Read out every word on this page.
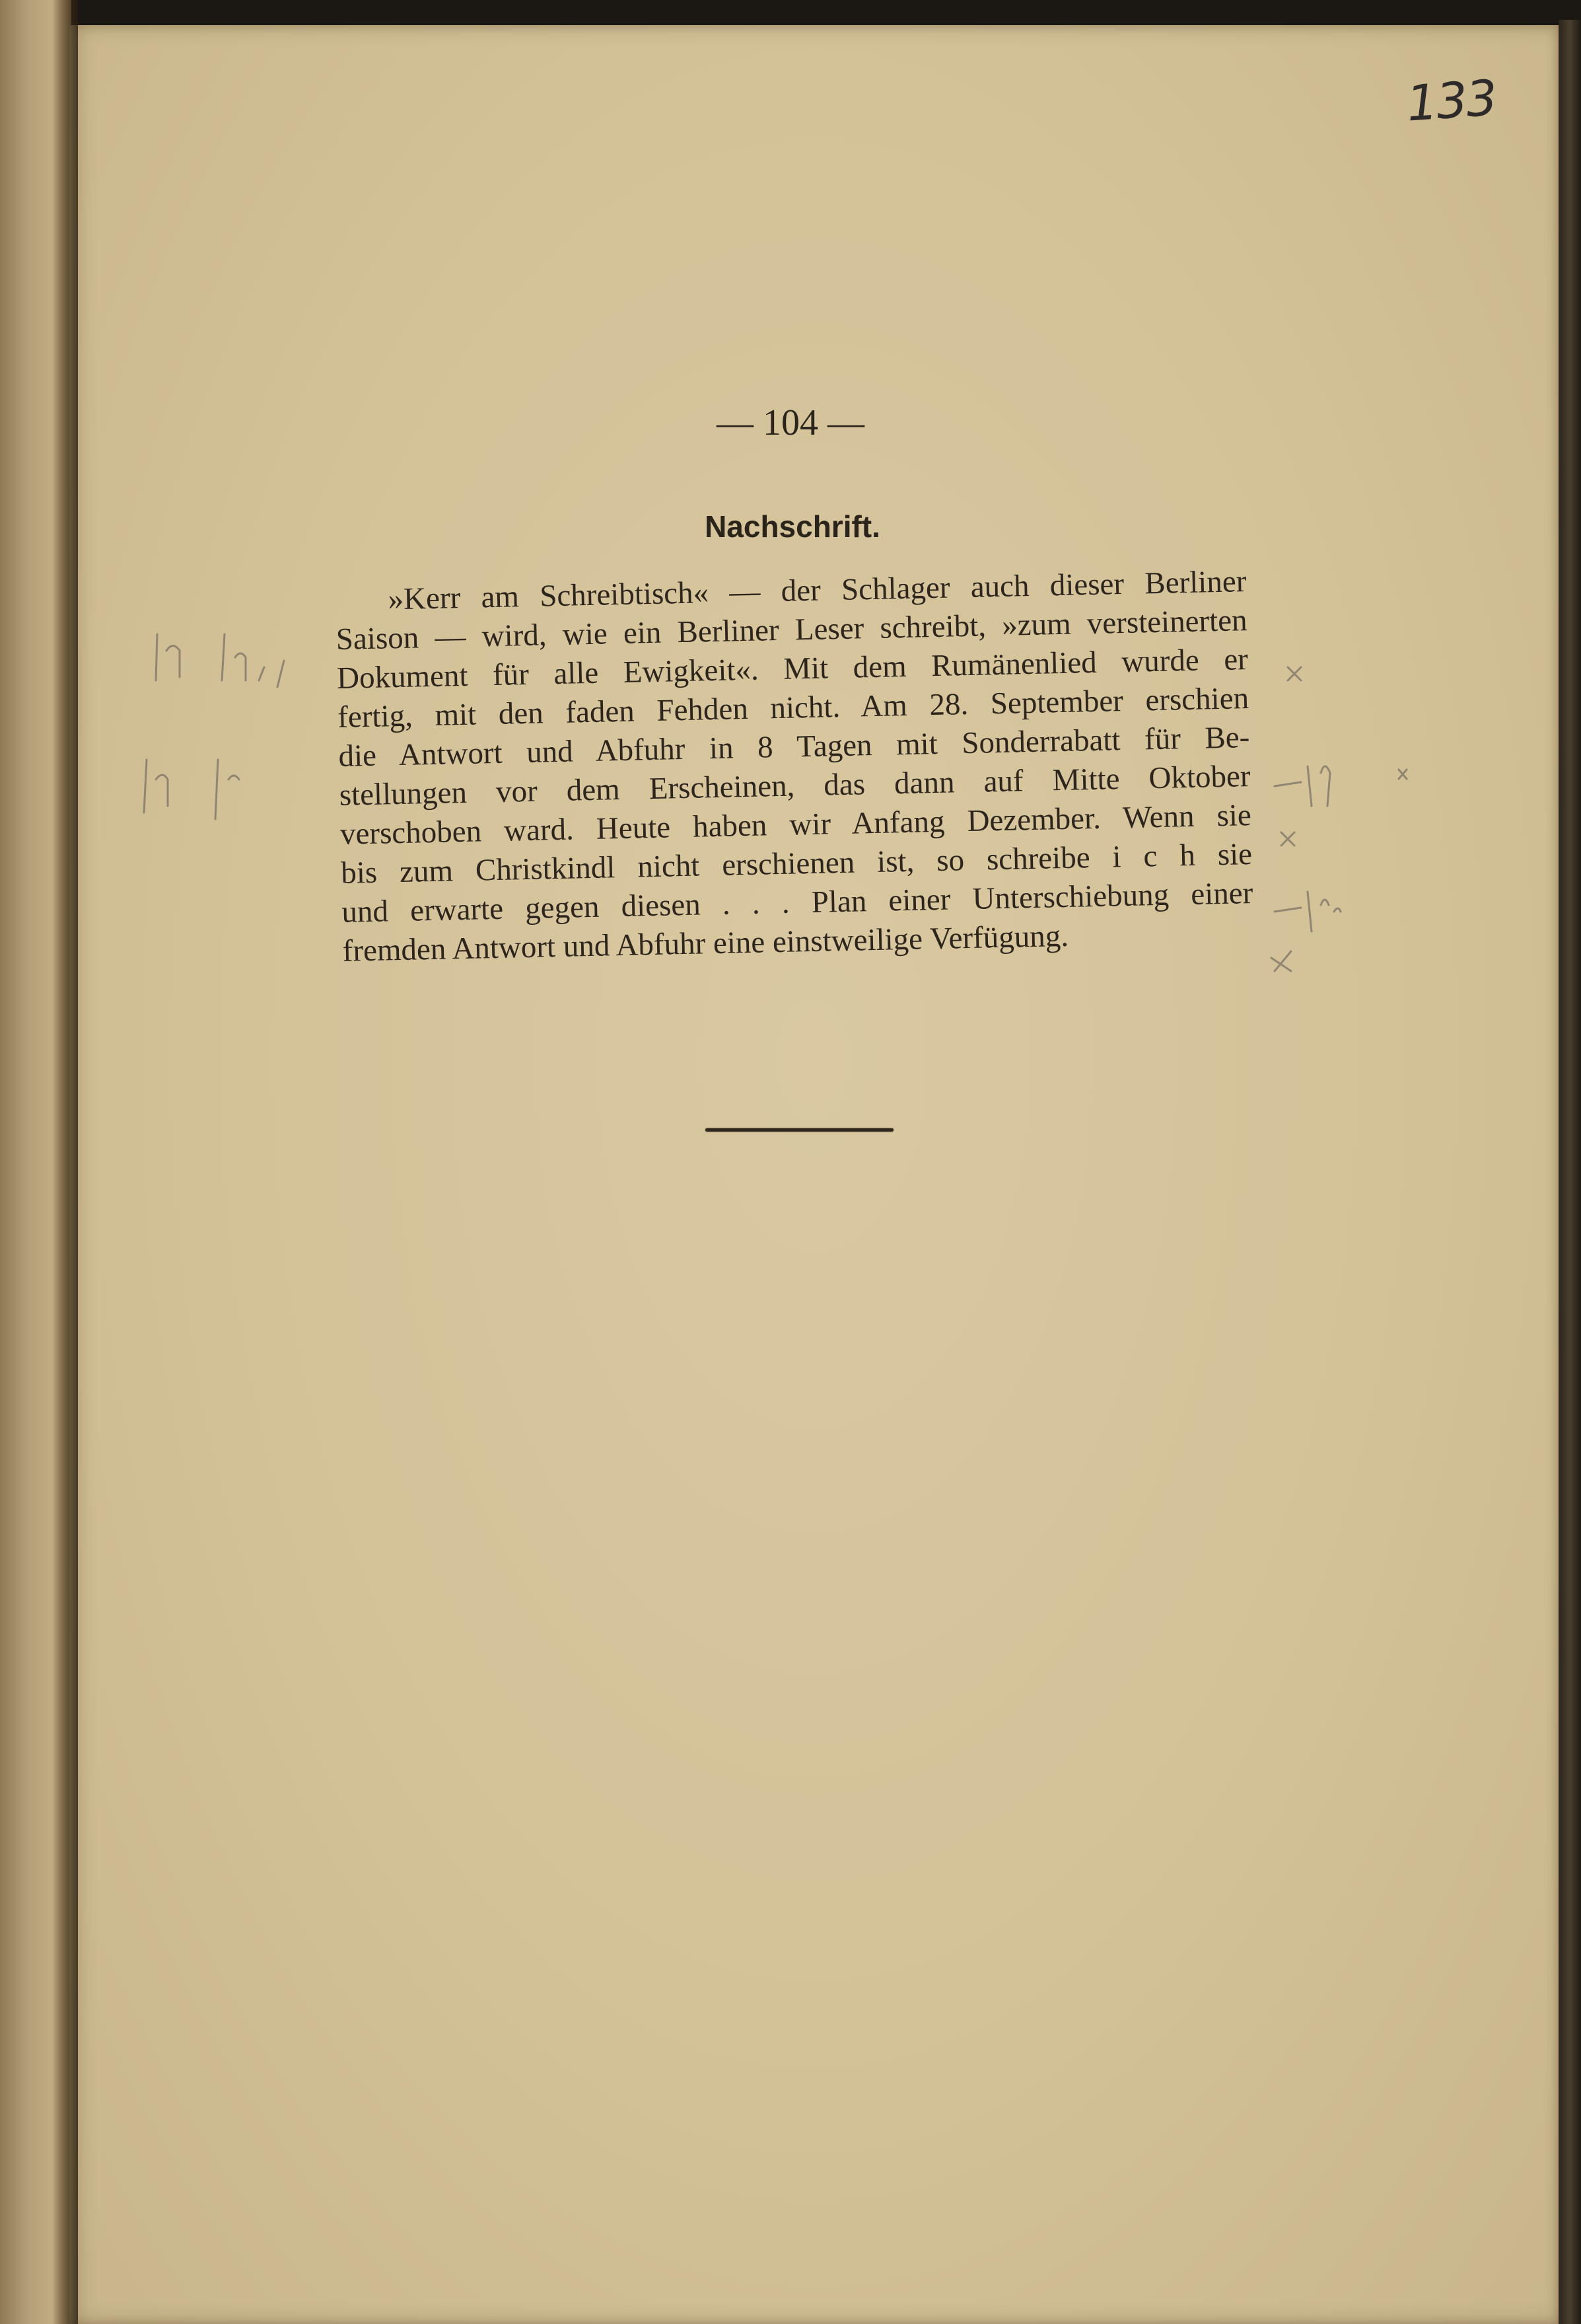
133
— 104 —
Nachschrift.
»Kerr am Schreibtisch« — der Schlager auch dieser Berliner
Saison — wird, wie ein Berliner Leser schreibt, »zum versteinerten
Dokument für alle Ewigkeit«. Mit dem Rumänenlied wurde er
fertig, mit den faden Fehden nicht. Am 28. September erschien
die Antwort und Abfuhr in 8 Tagen mit Sonderrabatt für Be-
stellungen vor dem Erscheinen, das dann auf Mitte Oktober
verschoben ward. Heute haben wir Anfang Dezember. Wenn sie
bis zum Christkindl nicht erschienen ist, so schreibe i c h sie
und erwarte gegen diesen . . . Plan einer Unterschiebung einer
fremden Antwort und Abfuhr eine einstweilige Verfügung.
